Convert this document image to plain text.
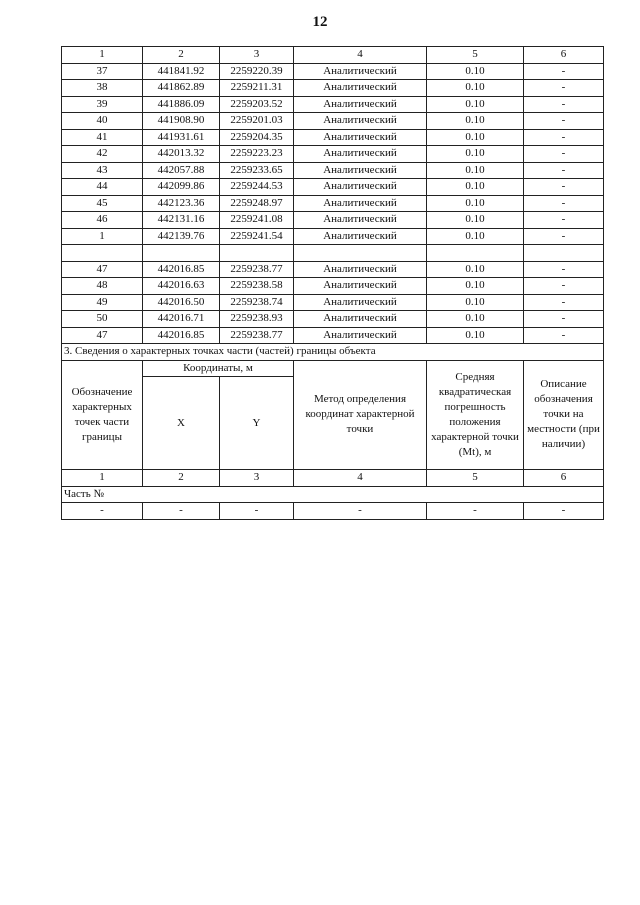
12
1	2	3	4	5	6
37	441841.92	2259220.39	Аналитический	0.10	-
38	441862.89	2259211.31	Аналитический	0.10	-
39	441886.09	2259203.52	Аналитический	0.10	-
40	441908.90	2259201.03	Аналитический	0.10	-
41	441931.61	2259204.35	Аналитический	0.10	-
42	442013.32	2259223.23	Аналитический	0.10	-
43	442057.88	2259233.65	Аналитический	0.10	-
44	442099.86	2259244.53	Аналитический	0.10	-
45	442123.36	2259248.97	Аналитический	0.10	-
46	442131.16	2259241.08	Аналитический	0.10	-
1	442139.76	2259241.54	Аналитический	0.10	-

47	442016.85	2259238.77	Аналитический	0.10	-
48	442016.63	2259238.58	Аналитический	0.10	-
49	442016.50	2259238.74	Аналитический	0.10	-
50	442016.71	2259238.93	Аналитический	0.10	-
47	442016.85	2259238.77	Аналитический	0.10	-
3. Сведения о характерных точках части (частей) границы объекта					
Обозначение характерных точек части границы	Координаты, м		Метод определения координат характерной точки	Средняя квадратическая погрешность положения характерной точки (Mt), м	Описание обозначения точки на местности (при наличии)
	X	Y			
1	2	3	4	5	6
Часть №					
-	-	-	-	-	-
